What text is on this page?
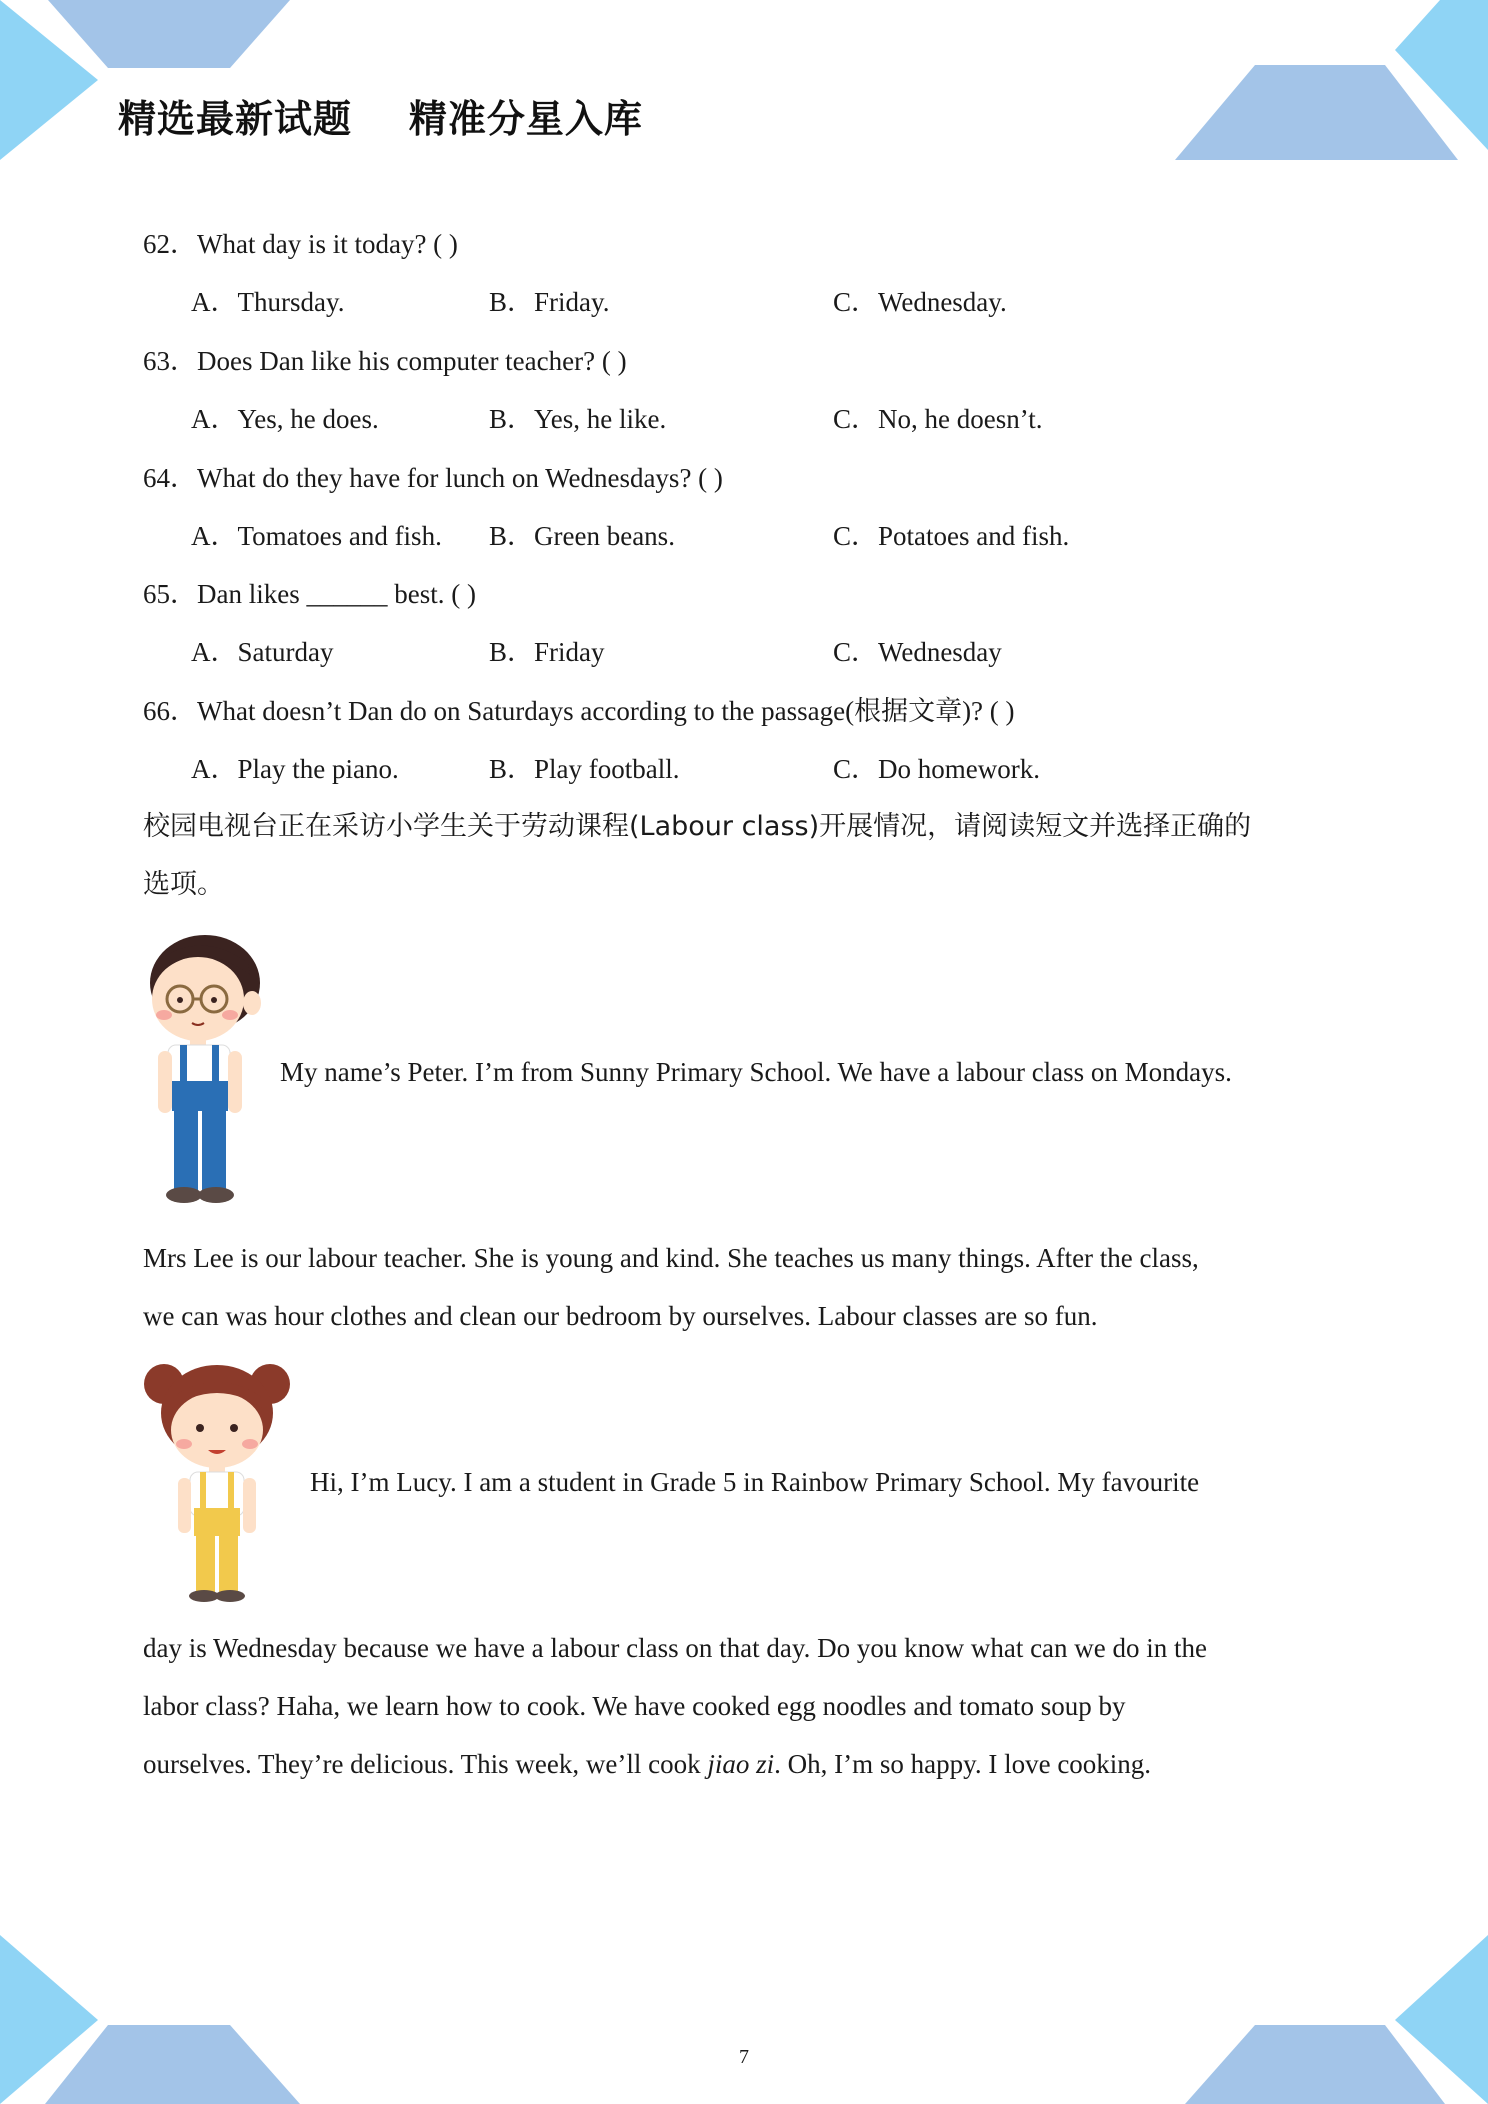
精选最新试题    精准分星入库
62．What day is it today? ( )
A．Thursday.	B．Friday.	C．Wednesday.
63．Does Dan like his computer teacher? ( )
A．Yes, he does.	B．Yes, he like.	C．No, he doesn’t.
64．What do they have for lunch on Wednesdays? ( )
A．Tomatoes and fish. B．Green beans.	C．Potatoes and fish.
65．Dan likes ______ best. ( )
A．Saturday	B．Friday	C．Wednesday
66．What doesn’t Dan do on Saturdays according to the passage(根据文章)? ( )
A．Play the piano.	B．Play football.	C．Do homework.
校园电视台正在采访小学生关于劳动课程(Labour class)开展情况，请阅读短文并选择正确的
选项。
My name’s Peter. I’m from Sunny Primary School. We have a labour class on Mondays.
Mrs Lee is our labour teacher. She is young and kind. She teaches us many things. After the class,
we can was hour clothes and clean our bedroom by ourselves. Labour classes are so fun.
Hi, I’m Lucy. I am a student in Grade 5 in Rainbow Primary School. My favourite
day is Wednesday because we have a labour class on that day. Do you know what can we do in the
labor class? Haha, we learn how to cook. We have cooked egg noodles and tomato soup by
ourselves. They’re delicious. This week, we’ll cook jiao zi. Oh, I’m so happy. I love cooking.
7
